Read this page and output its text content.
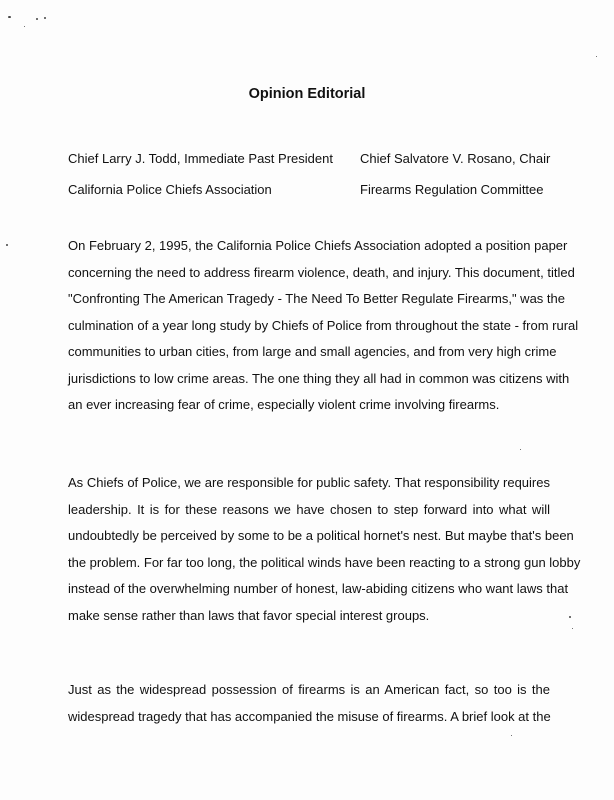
Opinion Editorial
Chief Larry J. Todd, Immediate Past President
California Police Chiefs Association
Chief Salvatore V. Rosano, Chair
Firearms Regulation Committee
On February 2, 1995, the California Police Chiefs Association adopted a position paper
concerning the need to address firearm violence, death, and injury. This document, titled
"Confronting The American Tragedy - The Need To Better Regulate Firearms," was the
culmination of a year long study by Chiefs of Police from throughout the state - from rural
communities to urban cities, from large and small agencies, and from very high crime
jurisdictions to low crime areas. The one thing they all had in common was citizens with
an ever increasing fear of crime, especially violent crime involving firearms.
As Chiefs of Police, we are responsible for public safety. That responsibility requires
leadership. It is for these reasons we have chosen to step forward into what will
undoubtedly be perceived by some to be a political hornet's nest. But maybe that's been
the problem. For far too long, the political winds have been reacting to a strong gun lobby
instead of the overwhelming number of honest, law-abiding citizens who want laws that
make sense rather than laws that favor special interest groups.
Just as the widespread possession of firearms is an American fact, so too is the
widespread tragedy that has accompanied the misuse of firearms. A brief look at the
